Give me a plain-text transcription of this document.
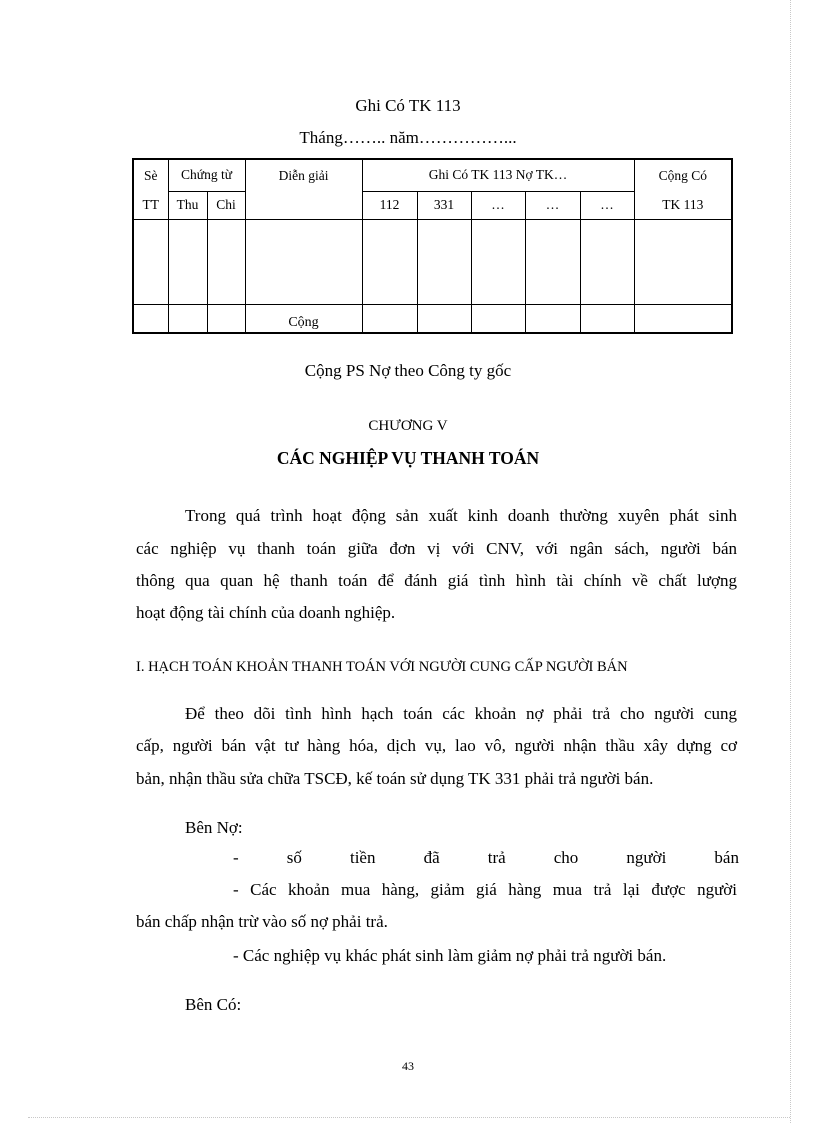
Ghi Có TK 113
Tháng…….. năm……………...
Sè	Chứng từ		Diễn giải	Ghi Có TK 113 Nợ TK…					Cộng Có
TT	Thu	Chi		112	331	…	…	…	TK 113

			Cộng						
Cộng PS Nợ theo Công ty gốc
CHƯƠNG V
CÁC NGHIỆP VỤ THANH TOÁN
Trong quá trình hoạt động sản xuất kinh doanh thường xuyên phát sinh
các nghiệp vụ thanh toán giữa đơn vị với CNV, với ngân sách, người bán
thông qua quan hệ thanh toán để đánh giá tình hình tài chính về chất lượng
hoạt động tài chính của doanh nghiệp.
I. HẠCH TOÁN KHOẢN THANH TOÁN VỚI NGƯỜI CUNG CẤP NGƯỜI BÁN
Để theo dõi tình hình hạch toán các khoản nợ phải trả cho người cung
cấp, người bán vật tư hàng hóa, dịch vụ, lao vô, người nhận thầu xây dựng cơ
bản, nhận thầu sửa chữa TSCĐ, kế toán sử dụng TK 331 phải trả người bán.
Bên Nợ:
-	số	tiền	đã	trả	cho	người	bán
- Các khoản mua hàng, giảm giá hàng mua trả lại được người
bán chấp nhận trừ vào số nợ phải trả.
- Các nghiệp vụ khác phát sinh làm giảm nợ phải trả người bán.
Bên Có:
43
